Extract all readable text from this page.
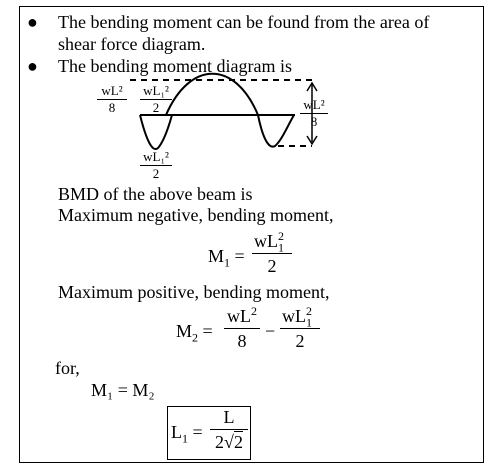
● The bending moment can be found from the area of
shear force diagram.
● The bending moment diagram is
wL²
8
wL₁²
2
wL₁²
2
wL²
8
BMD of the above beam is
Maximum negative, bending moment,
$M_1$ =
$wL_1^2$
2
Maximum positive, bending moment,
$M_2$ =
$wL^2$
8	−
$wL_1^2$
2
for,
M₁ = M₂
$L_1$ =
L
2√2
